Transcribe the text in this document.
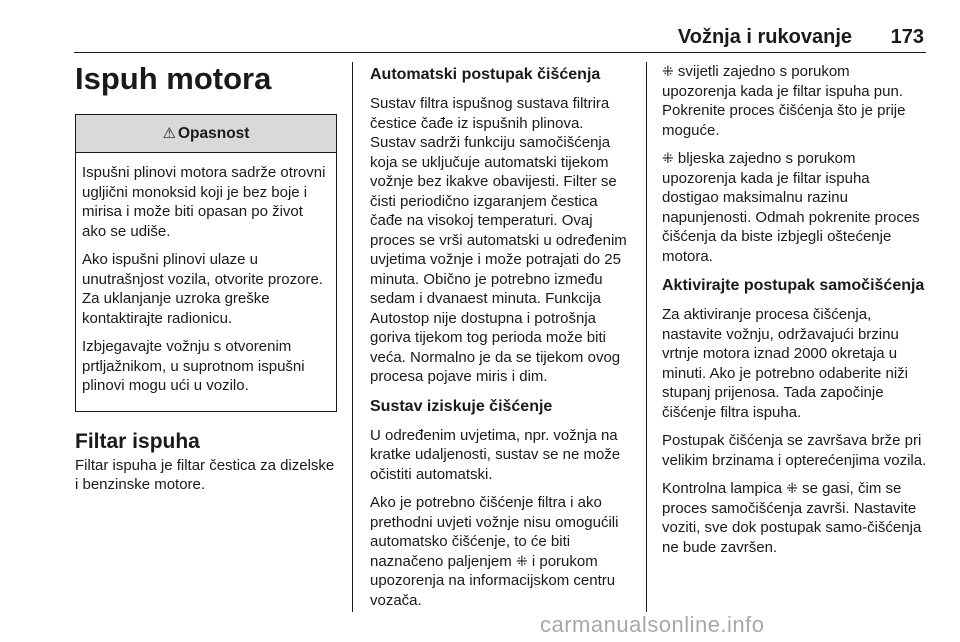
Vožnja i rukovanje 173
Ispuh motora
⚠ Opasnost

Ispušni plinovi motora sadrže otrovni ugljični monoksid koji je bez boje i mirisa i može biti opasan po život ako se udiše.

Ako ispušni plinovi ulaze u unutrašnjost vozila, otvorite prozore. Za uklanjanje uzroka greške kontaktirajte radionicu.

Izbjegavajte vožnju s otvorenim prtljažnikom, u suprotnom ispušni plinovi mogu ući u vozilo.

Filtar ispuha

Filtar ispuha je filtar čestica za dizelske i benzinske motore.

Automatski postupak čišćenja

Sustav filtra ispušnog sustava filtrira čestice čađe iz ispušnih plinova. Sustav sadrži funkciju samočišćenja koja se uključuje automatski tijekom vožnje bez ikakve obavijesti. Filter se čisti periodično izgaranjem čestica čađe na visokoj temperaturi. Ovaj proces se vrši automatski u određenim uvjetima vožnje i može potrajati do 25 minuta. Obično je potrebno između sedam i dvanaest minuta. Funkcija Autostop nije dostupna i potrošnja goriva tijekom tog perioda može biti veća. Normalno je da se tijekom ovog procesa pojave miris i dim.

Sustav iziskuje čišćenje

U određenim uvjetima, npr. vožnja na kratke udaljenosti, sustav se ne može očistiti automatski.

Ako je potrebno čišćenje filtra i ako prethodni uvjeti vožnje nisu omogućili automatsko čišćenje, to će biti naznačeno paljenjem ⁜ i porukom upozorenja na informacijskom centru vozača.

⁜ svijetli zajedno s porukom upozorenja kada je filtar ispuha pun. Pokrenite proces čišćenja što je prije moguće.

⁜ bljeska zajedno s porukom upozorenja kada je filtar ispuha dostigao maksimalnu razinu napunjenosti. Odmah pokrenite proces čišćenja da biste izbjegli oštećenje motora.

Aktivirajte postupak samočišćenja

Za aktiviranje procesa čišćenja, nastavite vožnju, održavajući brzinu vrtnje motora iznad 2000 okretaja u minuti. Ako je potrebno odaberite niži stupanj prijenosa. Tada započinje čišćenje filtra ispuha.

Postupak čišćenja se završava brže pri velikim brzinama i opterećenjima vozila.

Kontrolna lampica ⁜ se gasi, čim se proces samočišćenja završi. Nastavite voziti, sve dok postupak samo-čišćenja ne bude završen.

carmanualsonline.info
